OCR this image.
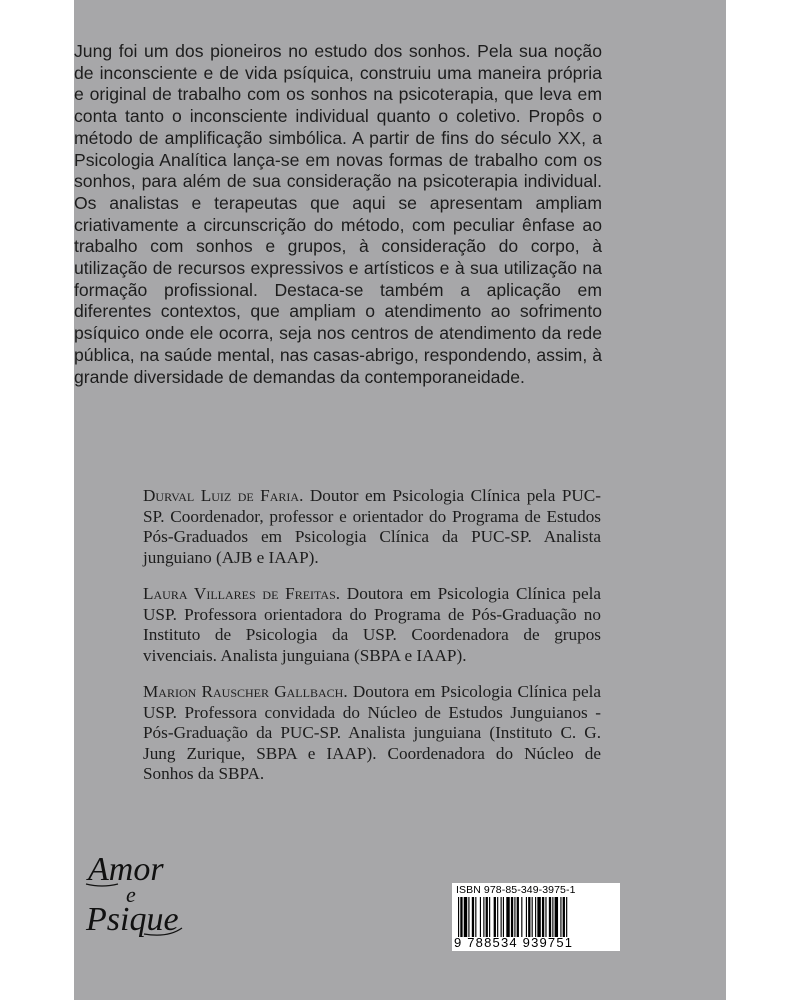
Jung foi um dos pioneiros no estudo dos sonhos. Pela sua noção de inconsciente e de vida psíquica, construiu uma maneira própria e original de trabalho com os sonhos na psicoterapia, que leva em conta tanto o inconsciente individual quanto o coletivo. Propôs o método de amplificação simbólica. A partir de fins do século XX, a Psicologia Analítica lança-se em novas formas de trabalho com os sonhos, para além de sua consideração na psicoterapia individual. Os analistas e terapeutas que aqui se apresentam ampliam criativamente a circunscrição do método, com peculiar ênfase ao trabalho com sonhos e grupos, à consideração do corpo, à utilização de recursos expressivos e artísticos e à sua utilização na formação profissional. Destaca-se também a aplicação em diferentes contextos, que ampliam o atendimento ao sofrimento psíquico onde ele ocorra, seja nos centros de atendimento da rede pública, na saúde mental, nas casas-abrigo, respondendo, assim, à grande diversidade de demandas da contemporaneidade.

Durval Luiz de Faria. Doutor em Psicologia Clínica pela PUC-SP. Coordenador, professor e orientador do Programa de Estudos Pós-Graduados em Psicologia Clínica da PUC-SP. Analista junguiano (AJB e IAAP).

Laura Villares de Freitas. Doutora em Psicologia Clínica pela USP. Professora orientadora do Programa de Pós-Graduação no Instituto de Psicologia da USP. Coordenadora de grupos vivenciais. Analista junguiana (SBPA e IAAP).

Marion Rauscher Gallbach. Doutora em Psicologia Clínica pela USP. Professora convidada do Núcleo de Estudos Junguianos - Pós-Graduação da PUC-SP. Analista junguiana (Instituto C. G. Jung Zurique, SBPA e IAAP). Coordenadora do Núcleo de Sonhos da SBPA.

Amor
e
Psique
ISBN 978-85-349-3975-1
9 788534 939751
